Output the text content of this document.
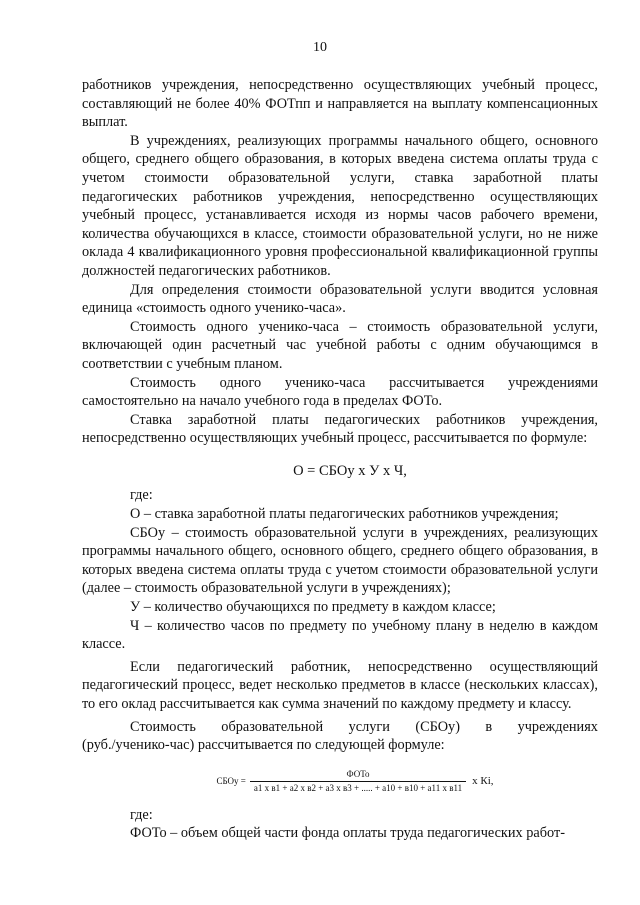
10

работников учреждения, непосредственно осуществляющих учебный процесс, составляющий не более 40% ФОТпп и направляется на выплату компенсационных выплат.

В учреждениях, реализующих программы начального общего, основного общего, среднего общего образования, в которых введена система оплаты труда с учетом стоимости образовательной услуги, ставка заработной платы педагогических работников учреждения, непосредственно осуществляющих учебный процесс, устанавливается исходя из нормы часов рабочего времени, количества обучающихся в классе, стоимости образовательной услуги, но не ниже оклада 4 квалификационного уровня профессиональной квалификационной группы должностей педагогических работников.

Для определения стоимости образовательной услуги вводится условная единица «стоимость одного ученико-часа».

Стоимость одного ученико-часа – стоимость образовательной услуги, включающей один расчетный час учебной работы с одним обучающимся в соответствии с учебным планом.

Стоимость одного ученико-часа рассчитывается учреждениями самостоятельно на начало учебного года в пределах ФОТо.

Ставка заработной платы педагогических работников учреждения, непосредственно осуществляющих учебный процесс, рассчитывается по формуле:

О = СБОу х У х Ч,

где:

О – ставка заработной платы педагогических работников учреждения;

СБОу – стоимость образовательной услуги в учреждениях, реализующих программы начального общего, основного общего, среднего общего образования, в которых введена система оплаты труда с учетом стоимости образовательной услуги (далее – стоимость образовательной услуги в учреждениях);

У – количество обучающихся по предмету в каждом классе;

Ч – количество часов по предмету по учебному плану в неделю в каждом классе.

Если педагогический работник, непосредственно осуществляющий педагогический процесс, ведет несколько предметов в классе (нескольких классах), то его оклад рассчитывается как сумма значений по каждому предмету и классу.

Стоимость образовательной услуги (СБОу) в учреждениях

(руб./ученико-час) рассчитывается по следующей формуле:

СБОу = $\frac{\text{ФОТо}}{\text{а1 х в1 + а2 х в2 + а3 х в3 + ..... + а10 + в10 + а11 х в11}}$ х Кi,

где:

ФОТо – объем общей части фонда оплаты труда педагогических работ-
